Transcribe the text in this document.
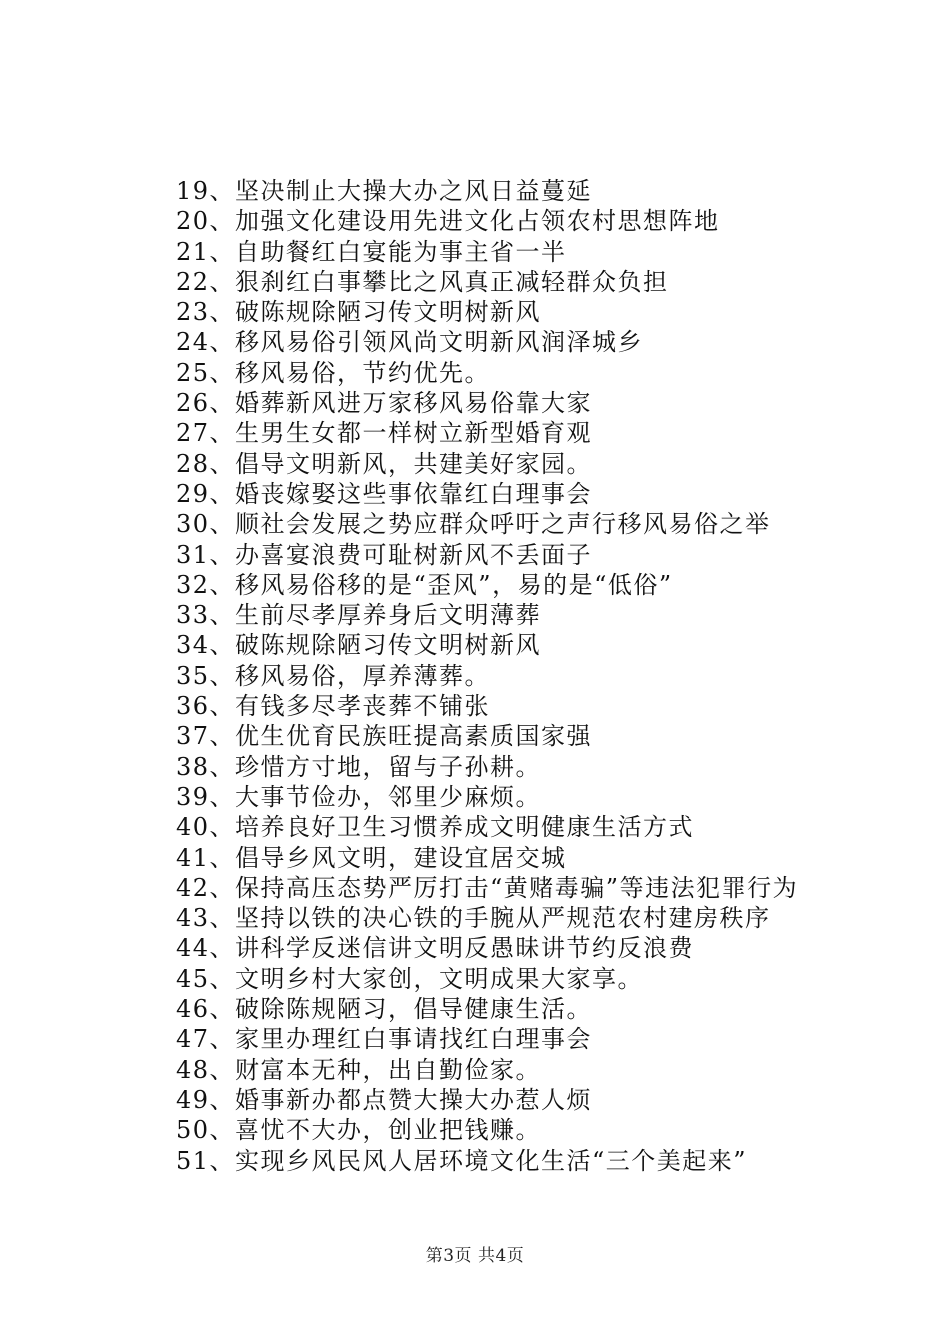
19、坚决制止大操大办之风日益蔓延
20、加强文化建设用先进文化占领农村思想阵地
21、自助餐红白宴能为事主省一半
22、狠刹红白事攀比之风真正减轻群众负担
23、破陈规除陋习传文明树新风
24、移风易俗引领风尚文明新风润泽城乡
25、移风易俗，节约优先。
26、婚葬新风进万家移风易俗靠大家
27、生男生女都一样树立新型婚育观
28、倡导文明新风，共建美好家园。
29、婚丧嫁娶这些事依靠红白理事会
30、顺社会发展之势应群众呼吁之声行移风易俗之举
31、办喜宴浪费可耻树新风不丢面子
32、移风易俗移的是“歪风”，易的是“低俗”
33、生前尽孝厚养身后文明薄葬
34、破陈规除陋习传文明树新风
35、移风易俗，厚养薄葬。
36、有钱多尽孝丧葬不铺张
37、优生优育民族旺提高素质国家强
38、珍惜方寸地，留与子孙耕。
39、大事节俭办，邻里少麻烦。
40、培养良好卫生习惯养成文明健康生活方式
41、倡导乡风文明，建设宜居交城
42、保持高压态势严厉打击“黄赌毒骗”等违法犯罪行为
43、坚持以铁的决心铁的手腕从严规范农村建房秩序
44、讲科学反迷信讲文明反愚昧讲节约反浪费
45、文明乡村大家创，文明成果大家享。
46、破除陈规陋习，倡导健康生活。
47、家里办理红白事请找红白理事会
48、财富本无种，出自勤俭家。
49、婚事新办都点赞大操大办惹人烦
50、喜忧不大办，创业把钱赚。
51、实现乡风民风人居环境文化生活“三个美起来”
第3页 共4页
